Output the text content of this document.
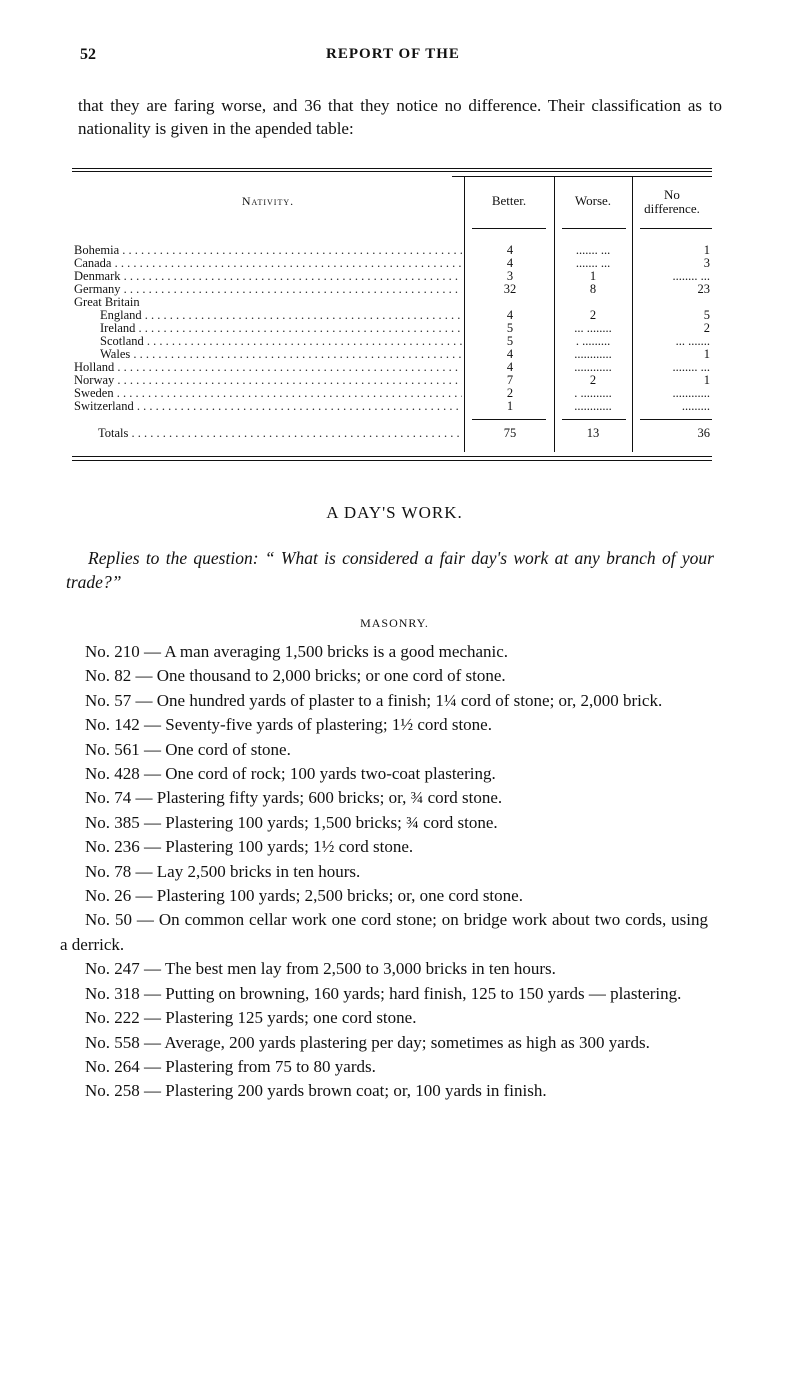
52	REPORT OF THE

that they are faring worse, and 36 that they notice no difference. Their classification as to nationality is given in the apended table:

Nativity.	Better.	Worse.	No
difference.
Bohemia . . .	4	....... ...	1
Canada . . .	4	....... ...	3
Denmark . . .	3	1	........ ...
Germany . . .	32	8	23
Great Britain
England . . .	4	2	5
Ireland . . .	5	... ........	2
Scotland . . .	5	. .........	... .......
Wales . . .	4	............	1
Holland . . .	4	............	........ ...
Norway . . .	7	2	1
Sweden . . .	2	. ..........	............
Switzerland . . .	1	............	.........
Totals . . .	75	13	36
A DAY'S WORK.
Replies to the question: “ What is considered a fair day's work at any branch of your trade?”
MASONRY.

No. 210 — A man averaging 1,500 bricks is a good mechanic.

No. 82 — One thousand to 2,000 bricks; or one cord of stone.

No. 57 — One hundred yards of plaster to a finish; 1¼ cord of stone; or, 2,000 brick.

No. 142 — Seventy-five yards of plastering; 1½ cord stone.

No. 561 — One cord of stone.

No. 428 — One cord of rock; 100 yards two-coat plastering.

No. 74 — Plastering fifty yards; 600 bricks; or, ¾ cord stone.

No. 385 — Plastering 100 yards; 1,500 bricks; ¾ cord stone.

No. 236 — Plastering 100 yards; 1½ cord stone.

No. 78 — Lay 2,500 bricks in ten hours.

No. 26 — Plastering 100 yards; 2,500 bricks; or, one cord stone.

No. 50 — On common cellar work one cord stone; on bridge work about two cords, using a derrick.

No. 247 — The best men lay from 2,500 to 3,000 bricks in ten hours.

No. 318 — Putting on browning, 160 yards; hard finish, 125 to 150 yards — plastering.

No. 222 — Plastering 125 yards; one cord stone.

No. 558 — Average, 200 yards plastering per day; sometimes as high as 300 yards.

No. 264 — Plastering from 75 to 80 yards.

No. 258 — Plastering 200 yards brown coat; or, 100 yards in finish.
